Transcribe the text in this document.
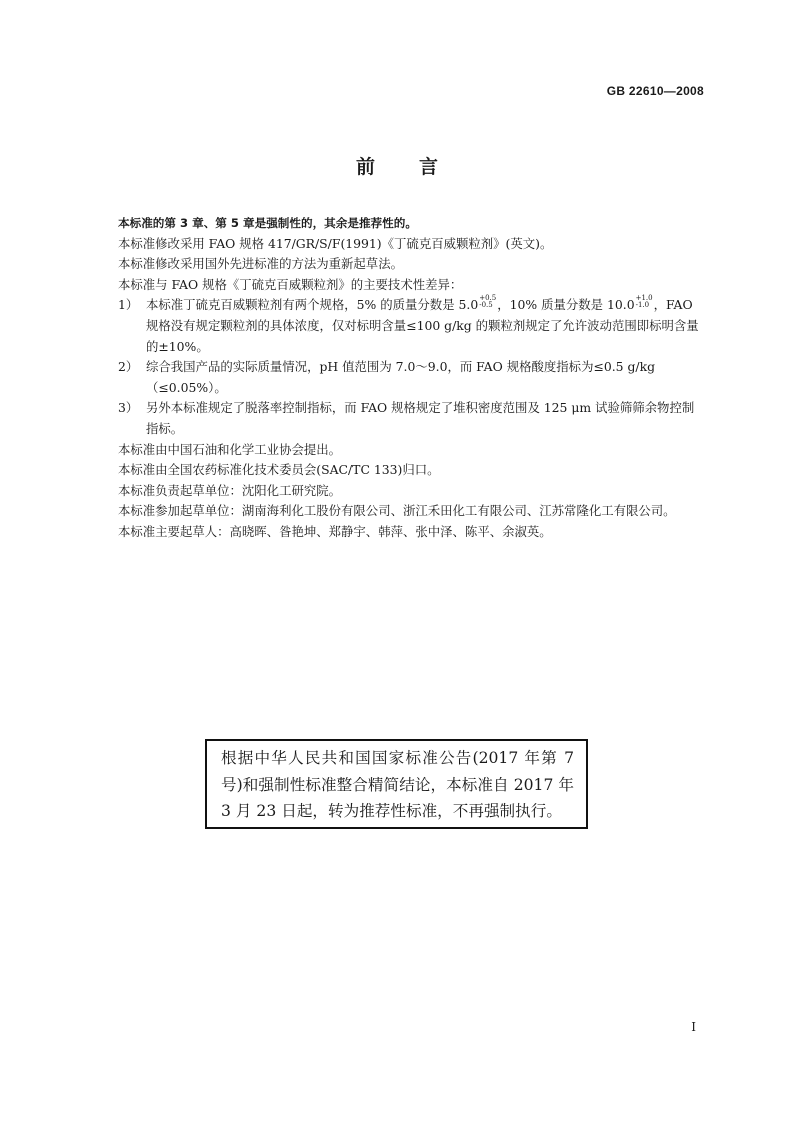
GB 22610—2008
前言

本标准的第 3 章、第 5 章是强制性的，其余是推荐性的。

本标准修改采用 FAO 规格 417/GR/S/F(1991)《丁硫克百威颗粒剂》(英文)。

本标准修改采用国外先进标准的方法为重新起草法。

本标准与 FAO 规格《丁硫克百威颗粒剂》的主要技术性差异：

1） 本标准丁硫克百威颗粒剂有两个规格，5% 的质量分数是 5.0 +0.5
-0.5 ，10% 质量分数是 10.0 +1.0
-1.0 ，FAO 规格没有规定颗粒剂的具体浓度，仅对标明含量≤100 g/kg 的颗粒剂规定了允许波动范围即标明含量的±10%。
2） 综合我国产品的实际质量情况，pH 值范围为 7.0～9.0，而 FAO 规格酸度指标为≤0.5 g/kg（≤0.05%）。
3） 另外本标准规定了脱落率控制指标，而 FAO 规格规定了堆积密度范围及 125 μm 试验筛筛余物控制指标。

本标准由中国石油和化学工业协会提出。

本标准由全国农药标准化技术委员会(SAC/TC 133)归口。

本标准负责起草单位：沈阳化工研究院。

本标准参加起草单位：湖南海利化工股份有限公司、浙江禾田化工有限公司、江苏常隆化工有限公司。

本标准主要起草人：高晓晖、昝艳坤、郑静宇、韩萍、张中泽、陈平、余淑英。

根据中华人民共和国国家标准公告(2017 年第 7 号)和强制性标准整合精简结论，本标准自 2017 年 3 月 23 日起，转为推荐性标准，不再强制执行。
I
